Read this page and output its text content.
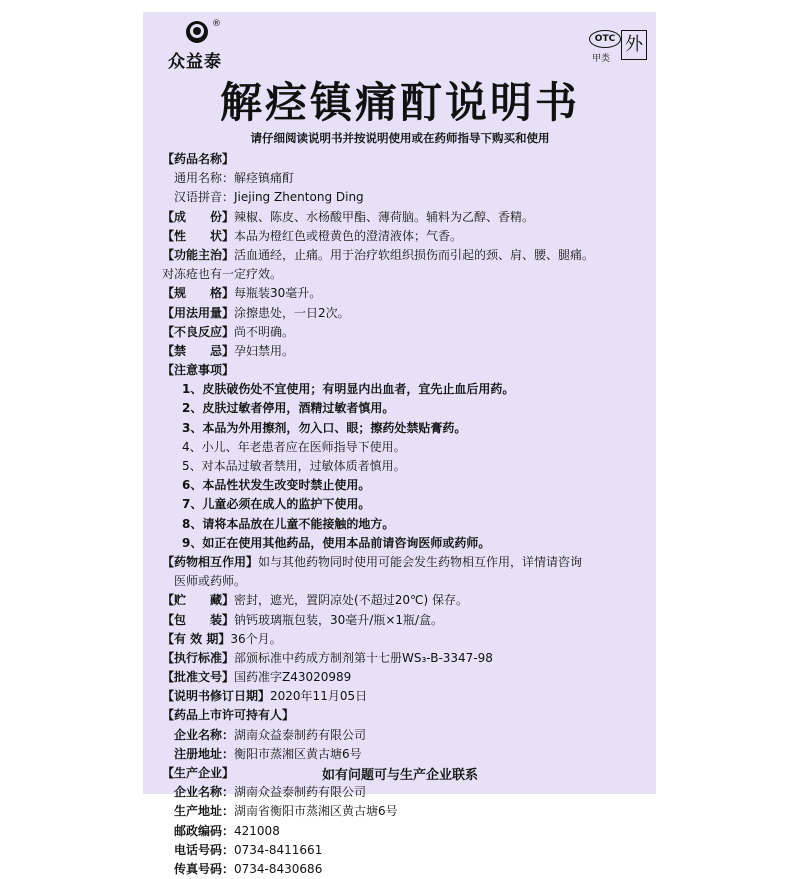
®
众益泰
OTC
甲类
外
解痉镇痛酊说明书
请仔细阅读说明书并按说明使用或在药师指导下购买和使用
【药品名称】
通用名称：解痉镇痛酊
汉语拼音：Jiejing Zhentong Ding
【成　　份】辣椒、陈皮、水杨酸甲酯、薄荷脑。辅料为乙醇、香精。
【性　　状】本品为橙红色或橙黄色的澄清液体；气香。
【功能主治】活血通经，止痛。用于治疗软组织损伤而引起的颈、肩、腰、腿痛。
对冻疮也有一定疗效。
【规　　格】每瓶装30毫升。
【用法用量】涂擦患处，一日2次。
【不良反应】尚不明确。
【禁　　忌】孕妇禁用。
【注意事项】
1、皮肤破伤处不宜使用；有明显内出血者，宜先止血后用药。
2、皮肤过敏者停用，酒精过敏者慎用。
3、本品为外用擦剂，勿入口、眼；擦药处禁贴膏药。
4、小儿、年老患者应在医师指导下使用。
5、对本品过敏者禁用，过敏体质者慎用。
6、本品性状发生改变时禁止使用。
7、儿童必须在成人的监护下使用。
8、请将本品放在儿童不能接触的地方。
9、如正在使用其他药品，使用本品前请咨询医师或药师。
【药物相互作用】如与其他药物同时使用可能会发生药物相互作用，详情请咨询
医师或药师。
【贮　　藏】密封，遮光，置阴凉处(不超过20℃) 保存。
【包　　装】钠钙玻璃瓶包装，30毫升/瓶×1瓶/盒。
【有 效 期】36个月。
【执行标准】部颁标准中药成方制剂第十七册WS₃-B-3347-98
【批准文号】国药准字Z43020989
【说明书修订日期】2020年11月05日
【药品上市许可持有人】
企业名称：湖南众益泰制药有限公司
注册地址：衡阳市蒸湘区黄古塘6号
【生产企业】
企业名称：湖南众益泰制药有限公司
生产地址：湖南省衡阳市蒸湘区黄古塘6号
邮政编码：421008
电话号码：0734-8411661
传真号码：0734-8430686
如有问题可与生产企业联系
